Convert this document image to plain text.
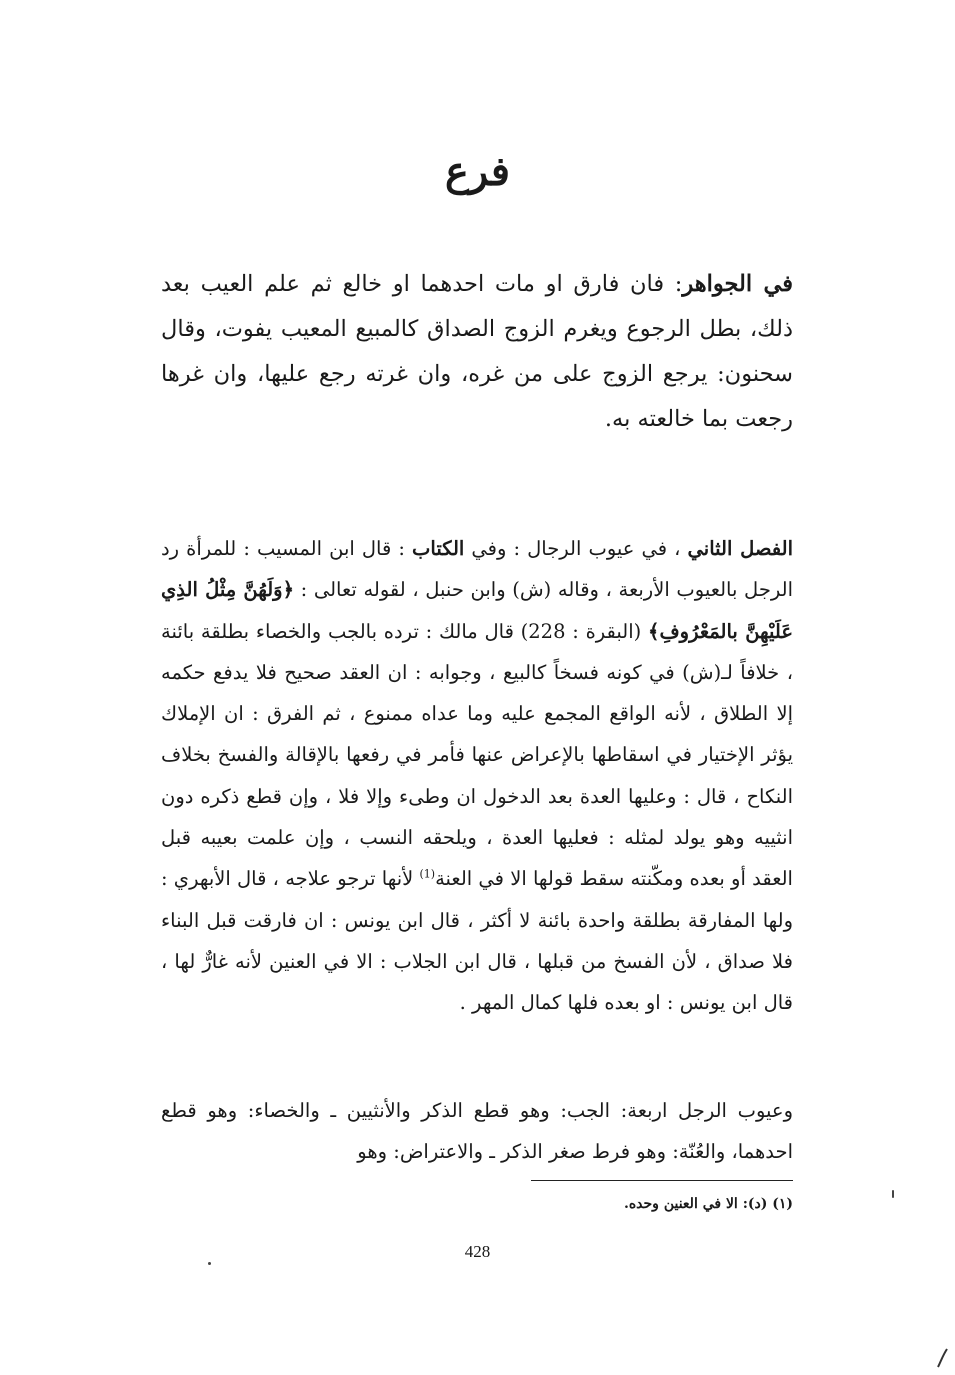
فرع

في الجواهر: فان فارق او مات احدهما او خالع ثم علم العيب بعد ذلك، بطل الرجوع ويغرم الزوج الصداق كالمبيع المعيب يفوت، وقال سحنون: يرجع الزوج على من غره، وان غرته رجع عليها، وان غرها رجعت بما خالعته به.

الفصل الثاني ، في عيوب الرجال : وفي الكتاب : قال ابن المسيب : للمرأة رد الرجل بالعيوب الأربعة ، وقاله (ش) وابن حنبل ، لقوله تعالى : ﴿وَلَهُنَّ مِثْلُ الذِي عَلَيْهِنَّ بالمَعْرُوفِ﴾ (البقرة : 228) قال مالك : ترده بالجب والخصاء بطلقة بائنة ، خلافاً لـ(ش) في كونه فسخاً كالبيع ، وجوابه : ان العقد صحيح فلا يدفع حكمه إلا الطلاق ، لأنه الواقع المجمع عليه وما عداه ممنوع ، ثم الفرق : ان الإملاك يؤثر الإختيار في اسقاطها بالإعراض عنها فأمر في رفعها بالإقالة والفسخ بخلاف النكاح ، قال : وعليها العدة بعد الدخول ان وطىء وإلا فلا ، وإن قطع ذكره دون انثييه وهو يولد لمثله : فعليها العدة ، ويلحقه النسب ، وإن علمت بعيبه قبل العقد أو بعده ومكّنته سقط قولها الا في العنة$^{(1)}$ لأنها ترجو علاجه ، قال الأبهري : ولها المفارقة بطلقة واحدة بائنة لا أكثر ، قال ابن يونس : ان فارقت قبل البناء فلا صداق ، لأن الفسخ من قبلها ، قال ابن الجلاب : الا في العنين لأنه غارٌّ لها ، قال ابن يونس : او بعده فلها كمال المهر .

وعيوب الرجل اربعة: الجب: وهو قطع الذكر والأنثيين ـ والخصاء: وهو قطع احدهما، والعُنّة: وهو فرط صغر الذكر ـ والاعتراض: وهو

(١) (د): الا في العنين وحده.
428
